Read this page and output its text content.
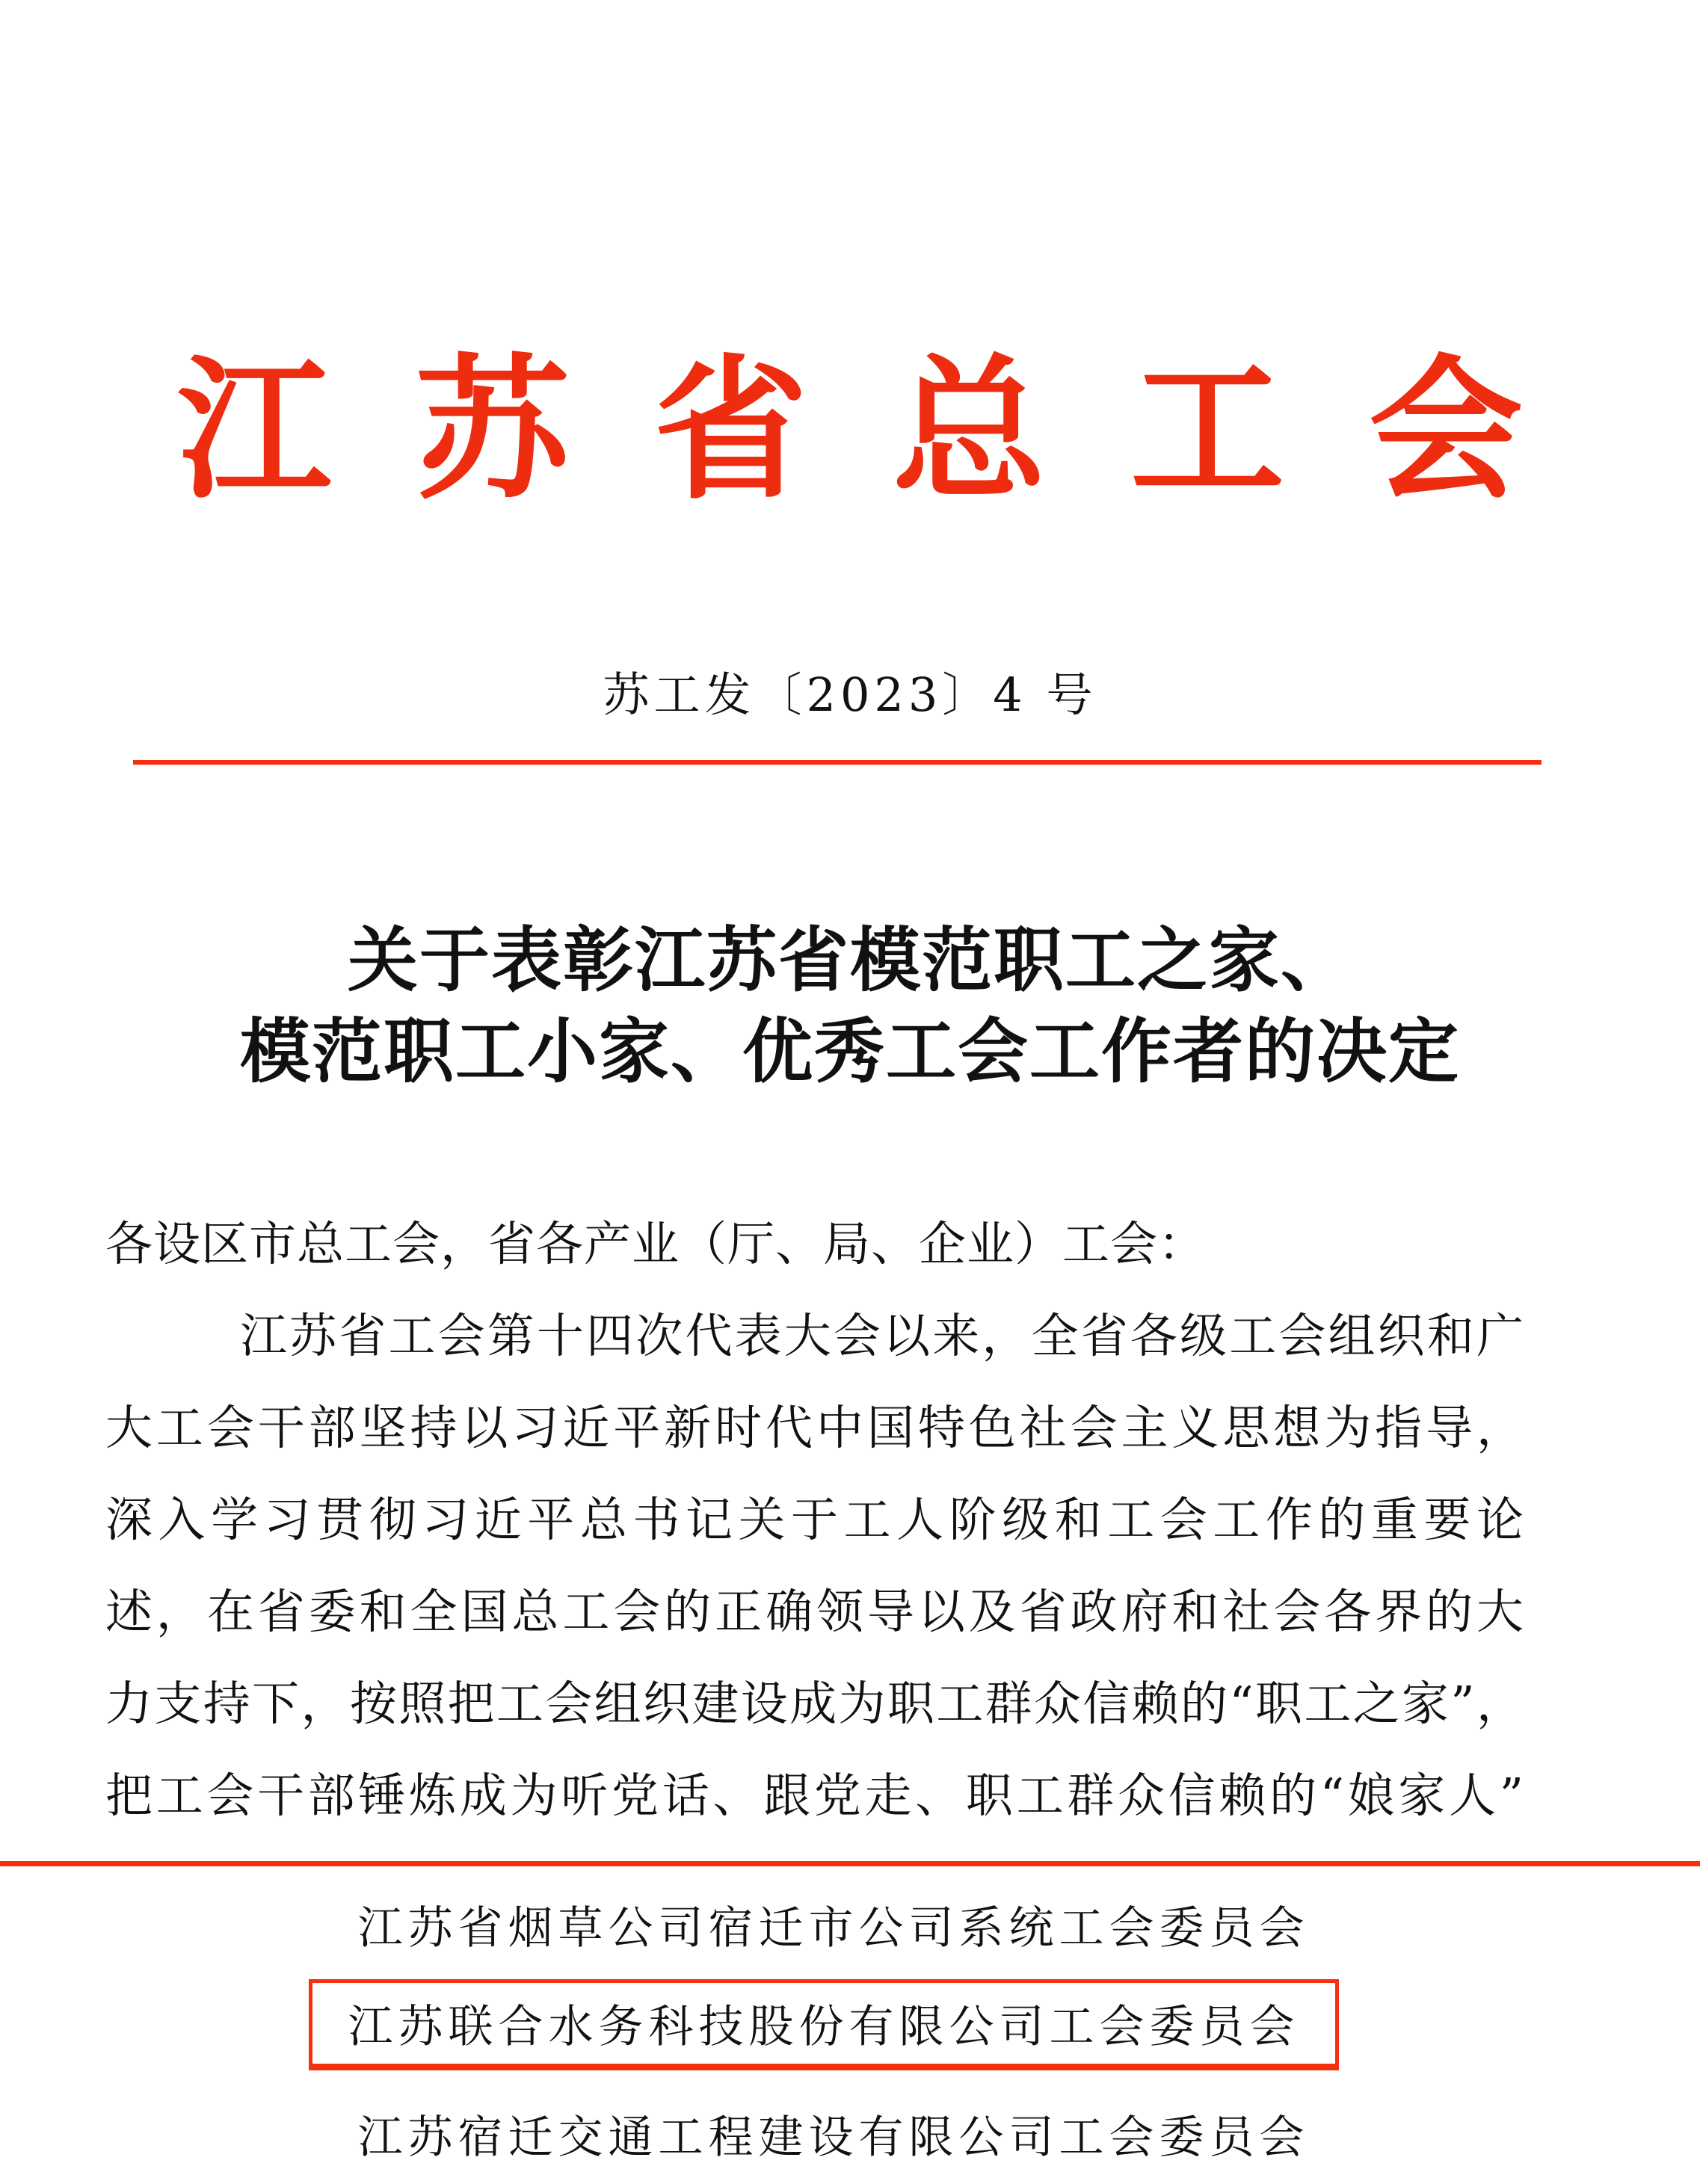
江 苏 省 总 工 会
苏工发〔2023〕4 号
关于表彰江苏省模范职工之家、
模范职工小家、优秀工会工作者的决定
各设区市总工会，省各产业（厅、局、企业）工会：
江苏省工会第十四次代表大会以来，全省各级工会组织和广
大工会干部坚持以习近平新时代中国特色社会主义思想为指导，
深入学习贯彻习近平总书记关于工人阶级和工会工作的重要论
述，在省委和全国总工会的正确领导以及省政府和社会各界的大
力支持下，按照把工会组织建设成为职工群众信赖的“职工之家”，
把工会干部锤炼成为听党话、跟党走、职工群众信赖的“娘家人”
江苏省烟草公司宿迁市公司系统工会委员会
江苏联合水务科技股份有限公司工会委员会
江苏宿迁交通工程建设有限公司工会委员会
